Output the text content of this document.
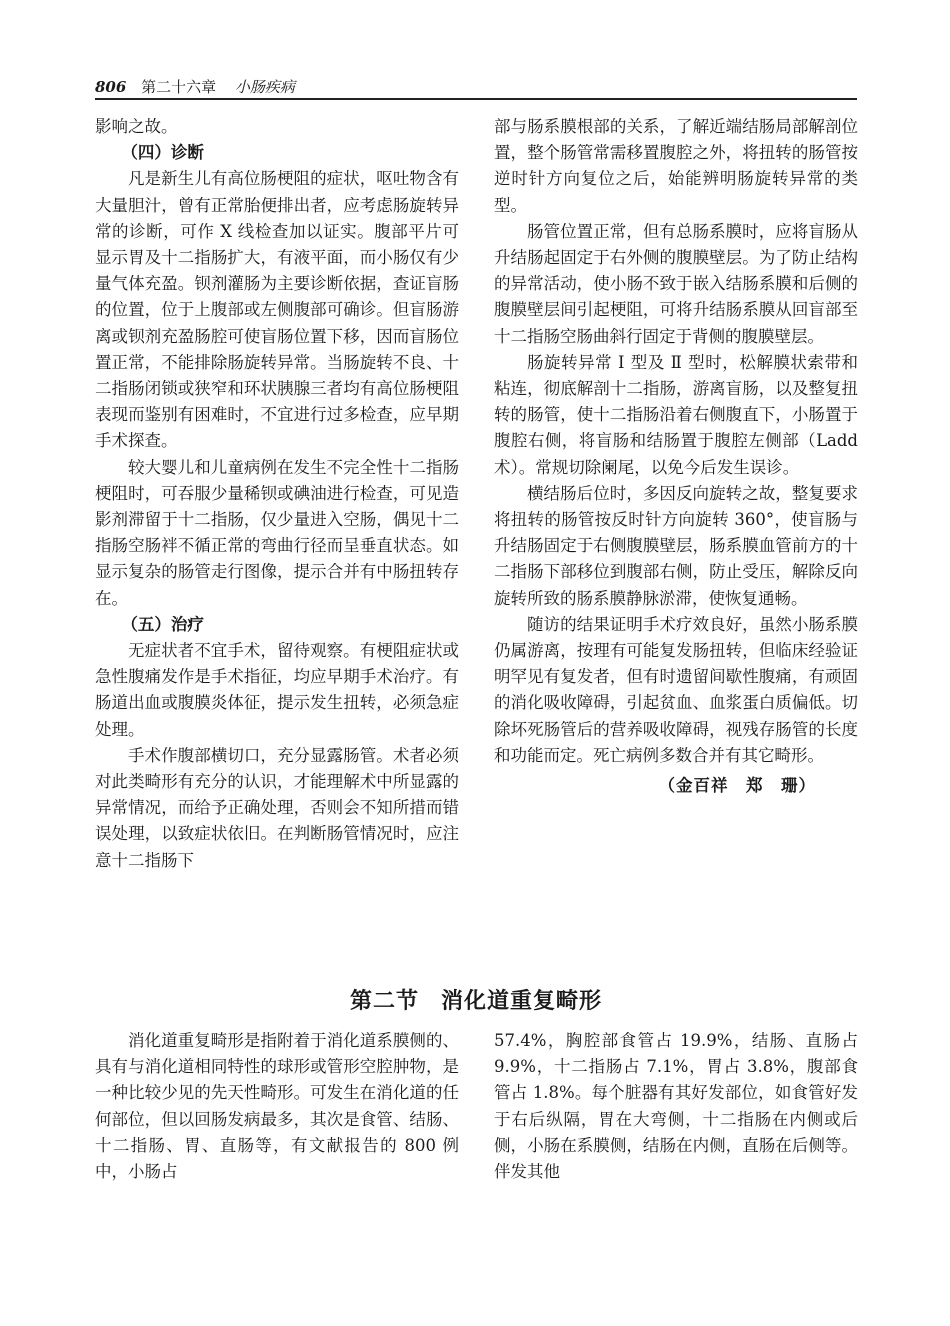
806 第二十六章 小肠疾病

影响之故。

（四）诊断

凡是新生儿有高位肠梗阻的症状，呕吐物含有大量胆汁，曾有正常胎便排出者，应考虑肠旋转异常的诊断，可作 X 线检查加以证实。腹部平片可显示胃及十二指肠扩大，有液平面，而小肠仅有少量气体充盈。钡剂灌肠为主要诊断依据，查证盲肠的位置，位于上腹部或左侧腹部可确诊。但盲肠游离或钡剂充盈肠腔可使盲肠位置下移，因而盲肠位置正常，不能排除肠旋转异常。当肠旋转不良、十二指肠闭锁或狭窄和环状胰腺三者均有高位肠梗阻表现而鉴别有困难时，不宜进行过多检查，应早期手术探查。

较大婴儿和儿童病例在发生不完全性十二指肠梗阻时，可吞服少量稀钡或碘油进行检查，可见造影剂滞留于十二指肠，仅少量进入空肠，偶见十二指肠空肠袢不循正常的弯曲行径而呈垂直状态。如显示复杂的肠管走行图像，提示合并有中肠扭转存在。

（五）治疗

无症状者不宜手术，留待观察。有梗阻症状或急性腹痛发作是手术指征，均应早期手术治疗。有肠道出血或腹膜炎体征，提示发生扭转，必须急症处理。

手术作腹部横切口，充分显露肠管。术者必须对此类畸形有充分的认识，才能理解术中所显露的异常情况，而给予正确处理，否则会不知所措而错误处理，以致症状依旧。在判断肠管情况时，应注意十二指肠下

部与肠系膜根部的关系，了解近端结肠局部解剖位置，整个肠管常需移置腹腔之外，将扭转的肠管按逆时针方向复位之后，始能辨明肠旋转异常的类型。

肠管位置正常，但有总肠系膜时，应将盲肠从升结肠起固定于右外侧的腹膜壁层。为了防止结构的异常活动，使小肠不致于嵌入结肠系膜和后侧的腹膜壁层间引起梗阻，可将升结肠系膜从回盲部至十二指肠空肠曲斜行固定于背侧的腹膜壁层。

肠旋转异常 Ⅰ 型及 Ⅱ 型时，松解膜状索带和粘连，彻底解剖十二指肠，游离盲肠，以及整复扭转的肠管，使十二指肠沿着右侧腹直下，小肠置于腹腔右侧，将盲肠和结肠置于腹腔左侧部（Ladd 术）。常规切除阑尾，以免今后发生误诊。

横结肠后位时，多因反向旋转之故，整复要求将扭转的肠管按反时针方向旋转 360°，使盲肠与升结肠固定于右侧腹膜壁层，肠系膜血管前方的十二指肠下部移位到腹部右侧，防止受压，解除反向旋转所致的肠系膜静脉淤滞，使恢复通畅。

随访的结果证明手术疗效良好，虽然小肠系膜仍属游离，按理有可能复发肠扭转，但临床经验证明罕见有复发者，但有时遗留间歇性腹痛，有顽固的消化吸收障碍，引起贫血、血浆蛋白质偏低。切除坏死肠管后的营养吸收障碍，视残存肠管的长度和功能而定。死亡病例多数合并有其它畸形。

（金百祥　郑　珊）

第二节 消化道重复畸形

消化道重复畸形是指附着于消化道系膜侧的、具有与消化道相同特性的球形或管形空腔肿物，是一种比较少见的先天性畸形。可发生在消化道的任何部位，但以回肠发病最多，其次是食管、结肠、十二指肠、胃、直肠等，有文献报告的 800 例中，小肠占

57.4%，胸腔部食管占 19.9%，结肠、直肠占 9.9%，十二指肠占 7.1%，胃占 3.8%，腹部食管占 1.8%。每个脏器有其好发部位，如食管好发于右后纵隔，胃在大弯侧，十二指肠在内侧或后侧，小肠在系膜侧，结肠在内侧，直肠在后侧等。伴发其他
